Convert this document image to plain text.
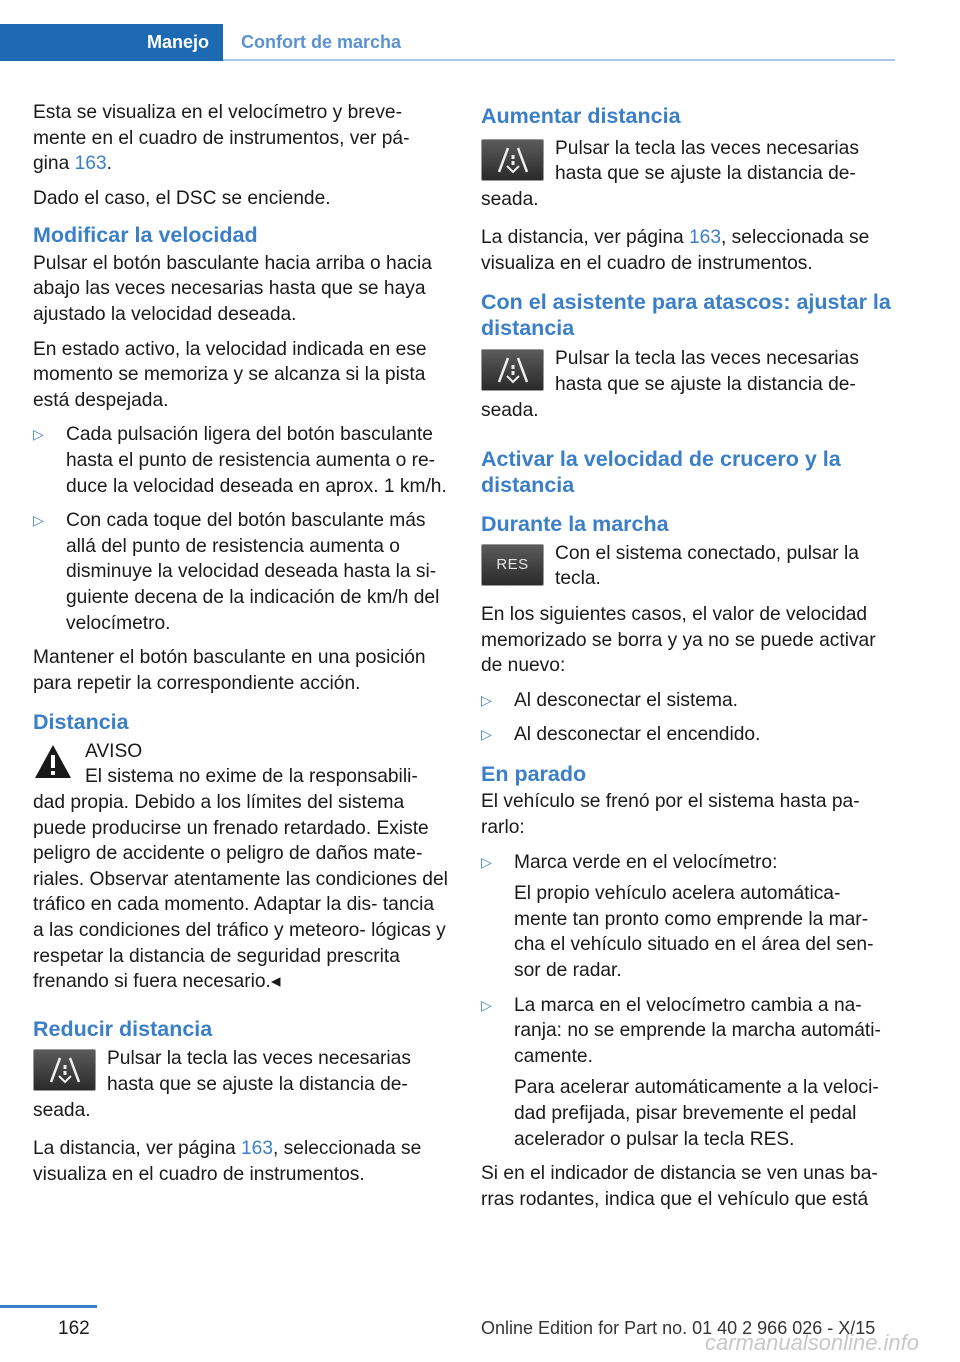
Manejo	Confort de marcha

Esta se visualiza en el velocímetro y breve‐ mente en el cuadro de instrumentos, ver pá‐ gina 163.

Dado el caso, el DSC se enciende.

Modificar la velocidad

Pulsar el botón basculante hacia arriba o hacia abajo las veces necesarias hasta que se haya ajustado la velocidad deseada.

En estado activo, la velocidad indicada en ese momento se memoriza y se alcanza si la pista está despejada.

▷ Cada pulsación ligera del botón basculante hasta el punto de resistencia aumenta o re‐ duce la velocidad deseada en aprox. 1 km/h.

▷ Con cada toque del botón basculante más allá del punto de resistencia aumenta o disminuye la velocidad deseada hasta la si‐ guiente decena de la indicación de km/h del velocímetro.

Mantener el botón basculante en una posición para repetir la correspondiente acción.

Distancia
AVISO
El sistema no exime de la responsabili‐ dad propia. Debido a los límites del sistema puede producirse un frenado retardado. Existe peligro de accidente o peligro de daños mate‐ riales. Observar atentamente las condiciones del tráfico en cada momento. Adaptar la dis‐ tancia a las condiciones del tráfico y meteoro‐ lógicas y respetar la distancia de seguridad prescrita frenando si fuera necesario.◂
Reducir distancia

Pulsar la tecla las veces necesarias hasta que se ajuste la distancia de‐ seada.

La distancia, ver página 163, seleccionada se visualiza en el cuadro de instrumentos.

Aumentar distancia

Pulsar la tecla las veces necesarias hasta que se ajuste la distancia de‐ seada.

La distancia, ver página 163, seleccionada se visualiza en el cuadro de instrumentos.

Con el asistente para atascos: ajustar la distancia

Pulsar la tecla las veces necesarias hasta que se ajuste la distancia de‐ seada.

Activar la velocidad de crucero y la distancia
Durante la marcha
RES

Con el sistema conectado, pulsar la tecla.

En los siguientes casos, el valor de velocidad memorizado se borra y ya no se puede activar de nuevo:

▷ Al desconectar el sistema.

▷ Al desconectar el encendido.

En parado

El vehículo se frenó por el sistema hasta pa‐ rarlo:

▷ Marca verde en el velocímetro:

El propio vehículo acelera automática‐ mente tan pronto como emprende la mar‐ cha el vehículo situado en el área del sen‐ sor de radar.

▷ La marca en el velocímetro cambia a na‐ ranja: no se emprende la marcha automáti‐ camente.

Para acelerar automáticamente a la veloci‐ dad prefijada, pisar brevemente el pedal acelerador o pulsar la tecla RES.

Si en el indicador de distancia se ven unas ba‐ rras rodantes, indica que el vehículo que está

162	Online Edition for Part no. 01 40 2 966 026 - X/15
carmanualsonline.info
